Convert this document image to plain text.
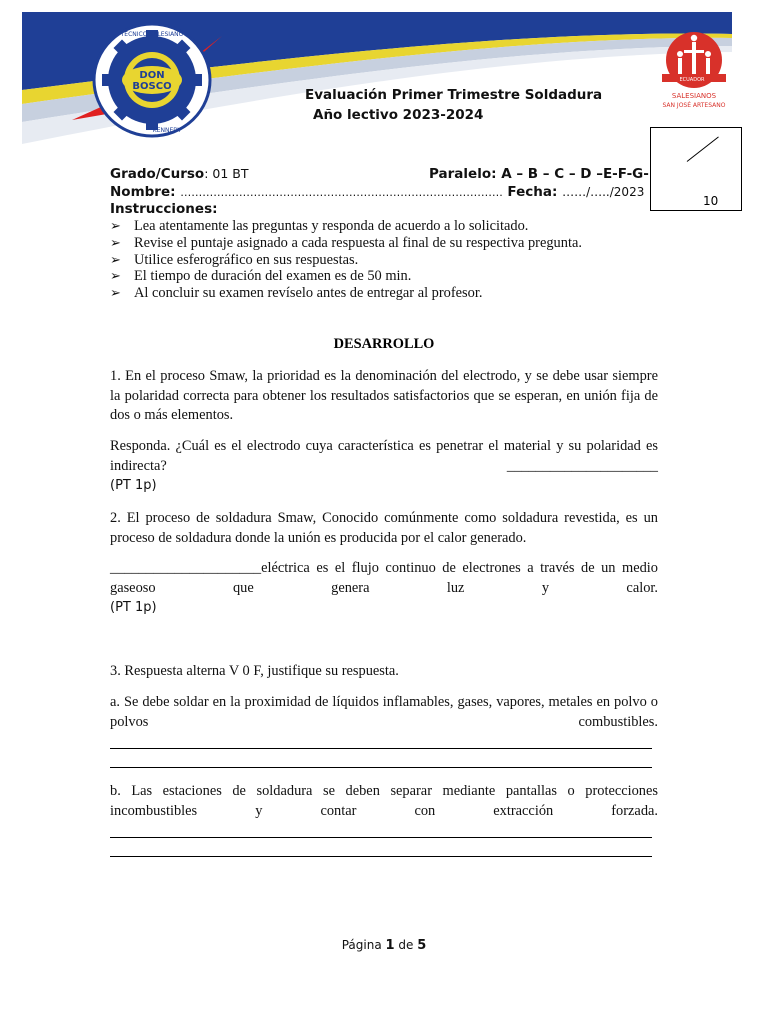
DON
BOSCO
TÉCNICO SALESIANO
KENNEDY
ECUADOR
SALESIANOS
SAN JOSÉ ARTESANO
Evaluación Primer Trimestre Soldadura
Año lectivo 2023-2024
10
Grado/Curso: 01 BT	Paralelo: A – B – C – D –E-F-G-
Nombre: ……………………………………………………………………………. Fecha: ……/…../2023
Instrucciones:
➢ Lea atentamente las preguntas y responda de acuerdo a lo solicitado.
➢ Revise el puntaje asignado a cada respuesta al final de su respectiva pregunta.
➢ Utilice esferográfico en sus respuestas.
➢ El tiempo de duración del examen es de 50 min.
➢ Al concluir su examen revíselo antes de entregar al profesor.
DESARROLLO
1. En el proceso Smaw, la prioridad es la denominación del electrodo, y se debe usar siempre la polaridad correcta para obtener los resultados satisfactorios que se esperan, en unión fija de dos o más elementos.
Responda. ¿Cuál es el electrodo cuya característica es penetrar el material y su polaridad es indirecta? _____________________
(PT 1p)
2. El proceso de soldadura Smaw, Conocido comúnmente como soldadura revestida, es un proceso de soldadura donde la unión es producida por el calor generado.
_____________________eléctrica es el flujo continuo de electrones a través de un medio gaseoso que genera luz y calor.
(PT 1p)
3. Respuesta alterna V 0 F, justifique su respuesta.
a. Se debe soldar en la proximidad de líquidos inflamables, gases, vapores, metales en polvo o polvos combustibles.
b. Las estaciones de soldadura se deben separar mediante pantallas o protecciones incombustibles y contar con extracción forzada.
Página 1 de 5
